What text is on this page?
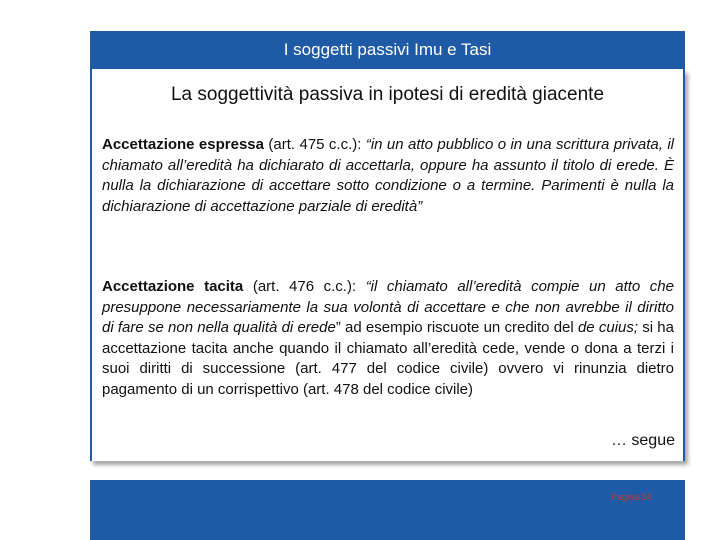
I soggetti passivi Imu e Tasi
La soggettività passiva in ipotesi di eredità giacente
Accettazione espressa (art. 475 c.c.): “in un atto pubblico o in una scrittura privata, il chiamato all’eredità ha dichiarato di accettarla, oppure ha assunto il titolo di erede. È nulla la dichiarazione di accettare sotto condizione o a termine. Parimenti è nulla la dichiarazione di accettazione parziale di eredità”
Accettazione tacita (art. 476 c.c.): “il chiamato all’eredità compie un atto che presuppone necessariamente la sua volontà di accettare e che non avrebbe il diritto di fare se non nella qualità di erede” ad esempio riscuote un credito del de cuius; si ha accettazione tacita anche quando il chiamato all’eredità cede, vende o dona a terzi i suoi diritti di successione (art. 477 del codice civile) ovvero vi rinunzia dietro pagamento di un corrispettivo (art. 478 del codice civile)
… segue
Pagina 34
